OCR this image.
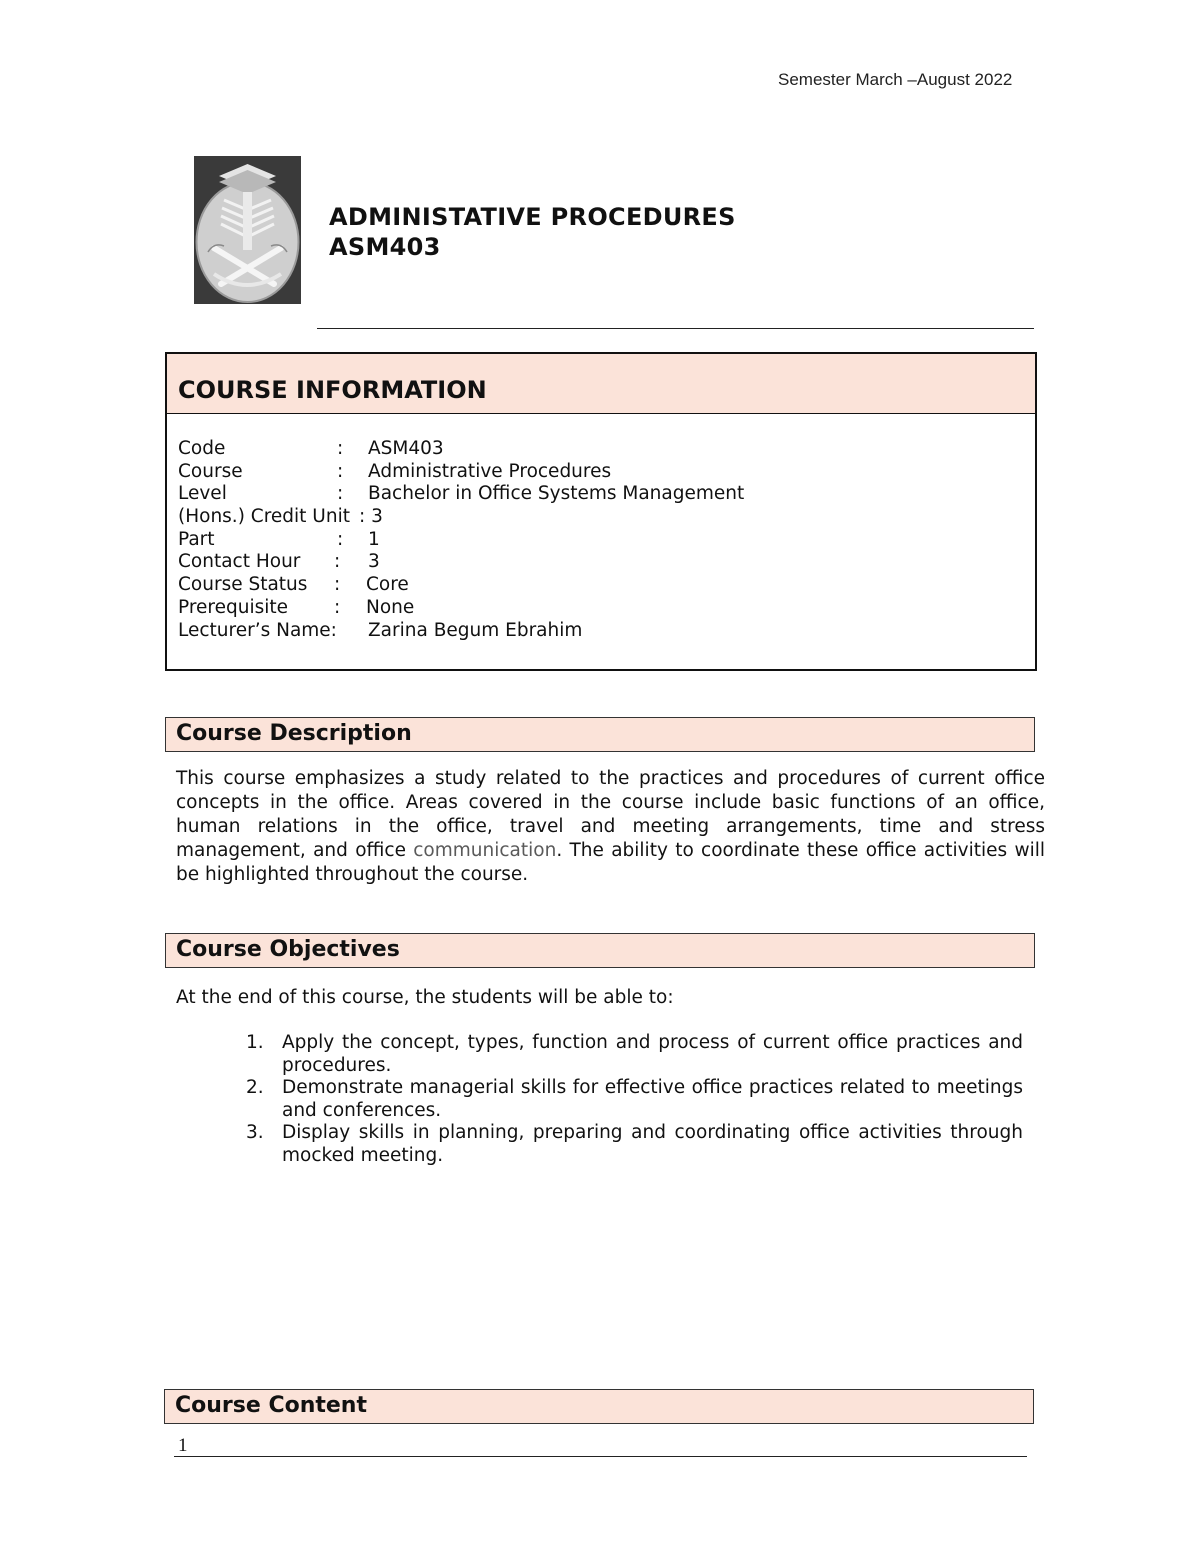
Semester March –August 2022
ADMINISTATIVE PROCEDURES
ASM403
COURSE INFORMATION
Code	: ASM403
Course	: Administrative Procedures
Level	: Bachelor in Office Systems Management
(Hons.) Credit Unit : 3
Part	: 1
Contact Hour : 3
Course Status : Core
Prerequisite : None
Lecturer’s Name: Zarina Begum Ebrahim
Course Description
This course emphasizes a study related to the practices and procedures of current office concepts in the office. Areas covered in the course include basic functions of an office, human relations in the office, travel and meeting arrangements, time and stress management, and office communication. The ability to coordinate these office activities will be highlighted throughout the course.
Course Objectives
At the end of this course, the students will be able to:
1. Apply the concept, types, function and process of current office practices and procedures.
2. Demonstrate managerial skills for effective office practices related to meetings and conferences.
3. Display skills in planning, preparing and coordinating office activities through mocked meeting.
Course Content
1
